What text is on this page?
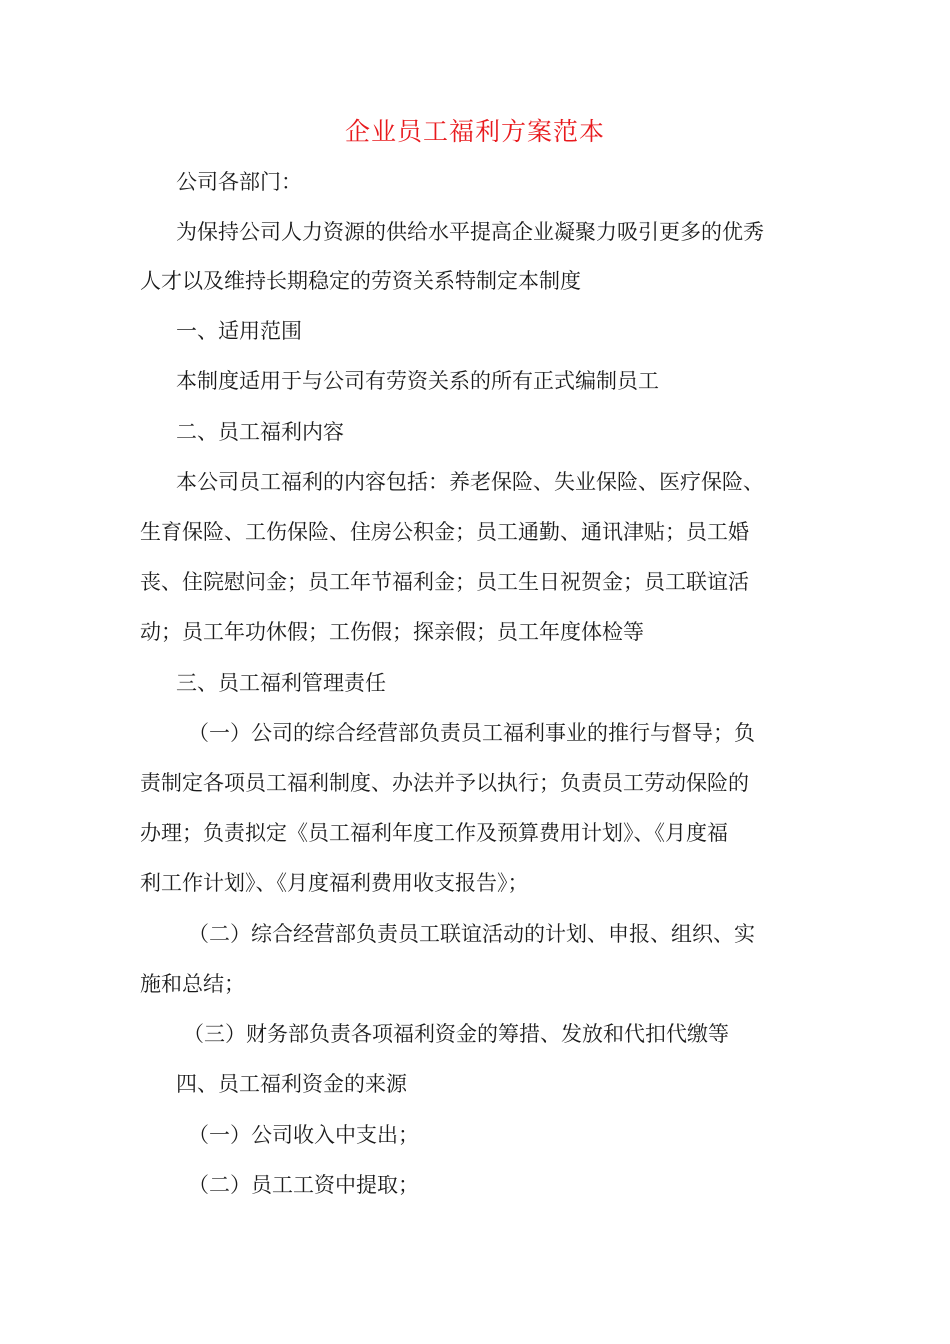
企业员工福利方案范本
公司各部门：
为保持公司人力资源的供给水平提高企业凝聚力吸引更多的优秀
人才以及维持长期稳定的劳资关系特制定本制度
一、适用范围
本制度适用于与公司有劳资关系的所有正式编制员工
二、员工福利内容
本公司员工福利的内容包括：养老保险、失业保险、医疗保险、
生育保险、工伤保险、住房公积金；员工通勤、通讯津贴；员工婚
丧、住院慰问金；员工年节福利金；员工生日祝贺金；员工联谊活
动；员工年功休假；工伤假；探亲假；员工年度体检等
三、员工福利管理责任
（一）公司的综合经营部负责员工福利事业的推行与督导；负
责制定各项员工福利制度、办法并予以执行；负责员工劳动保险的
办理；负责拟定《员工福利年度工作及预算费用计划》、《月度福
利工作计划》、《月度福利费用收支报告》；
（二）综合经营部负责员工联谊活动的计划、申报、组织、实
施和总结；
（三）财务部负责各项福利资金的筹措、发放和代扣代缴等
四、员工福利资金的来源
（一）公司收入中支出；
（二）员工工资中提取；
